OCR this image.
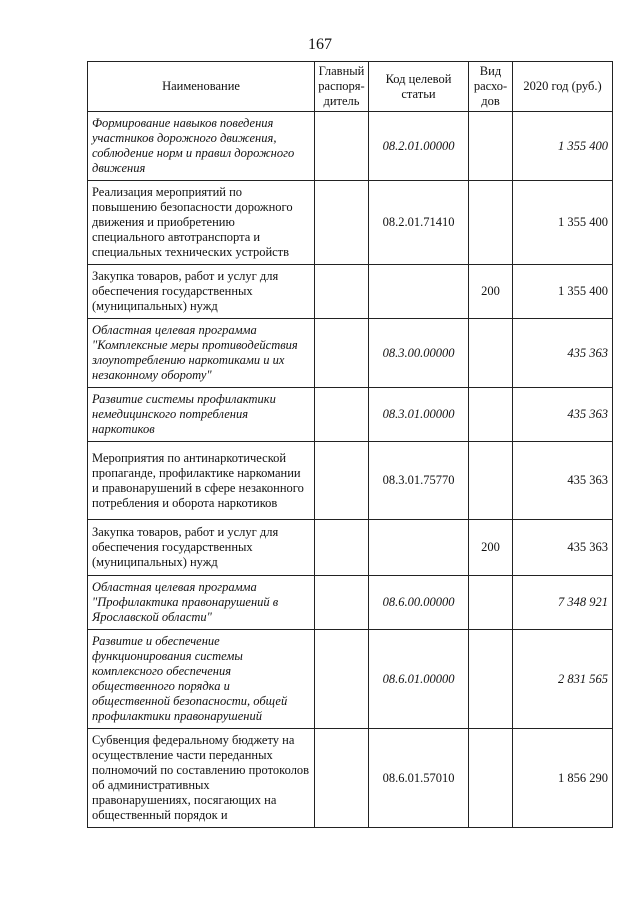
167
Наименование	Главный распоря-дитель	Код целевой статьи	Вид расхо-дов	2020 год (руб.)
Формирование навыков поведения участников дорожного движения, соблюдение норм и правил дорожного движения		08.2.01.00000		1 355 400
Реализация мероприятий по повышению безопасности дорожного движения и приобретению специального автотранспорта и специальных технических устройств		08.2.01.71410		1 355 400
Закупка товаров, работ и услуг для обеспечения государственных (муниципальных) нужд			200	1 355 400
Областная целевая программа "Комплексные меры противодействия злоупотреблению наркотиками и их незаконному обороту"		08.3.00.00000		435 363
Развитие системы профилактики немедицинского потребления наркотиков		08.3.01.00000		435 363
Мероприятия по антинаркотической пропаганде, профилактике наркомании и правонарушений в сфере незаконного потребления и оборота наркотиков		08.3.01.75770		435 363
Закупка товаров, работ и услуг для обеспечения государственных (муниципальных) нужд			200	435 363
Областная целевая программа "Профилактика правонарушений в Ярославской области"		08.6.00.00000		7 348 921
Развитие и обеспечение функционирования системы комплексного обеспечения общественного порядка и общественной безопасности, общей профилактики правонарушений		08.6.01.00000		2 831 565
Субвенция федеральному бюджету на осуществление части переданных полномочий по составлению протоколов об административных правонарушениях, посягающих на общественный порядок и		08.6.01.57010		1 856 290
